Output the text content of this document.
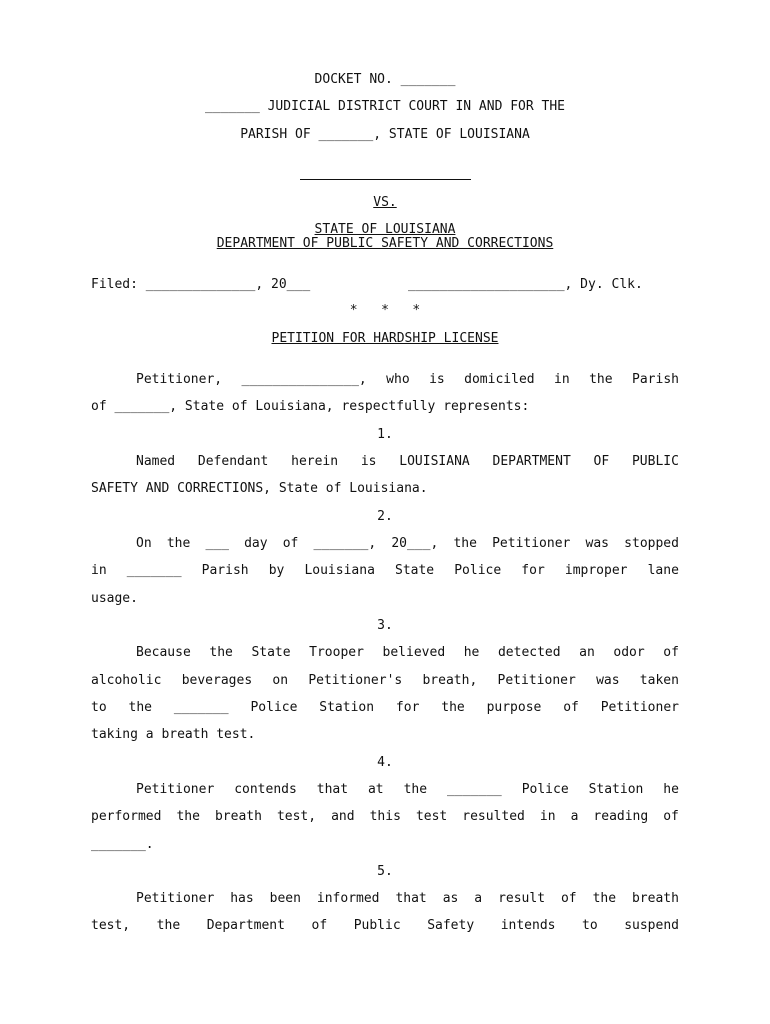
DOCKET NO. _______
_______ JUDICIAL DISTRICT COURT IN AND FOR THE
PARISH OF _______, STATE OF LOUISIANA
VS.
STATE OF LOUISIANA
DEPARTMENT OF PUBLIC SAFETY AND CORRECTIONS
Filed: ______________, 20___	____________________, Dy. Clk.
*   *   *
PETITION FOR HARDSHIP LICENSE
Petitioner, _______________, who is domiciled in the Parish
of _______, State of Louisiana, respectfully represents:
1.
Named Defendant herein is LOUISIANA DEPARTMENT OF PUBLIC
SAFETY AND CORRECTIONS, State of Louisiana.
2.
On the ___ day of _______, 20___, the Petitioner was stopped
in _______ Parish by Louisiana State Police for improper lane
usage.
3.
Because the State Trooper believed he detected an odor of
alcoholic beverages on Petitioner's breath, Petitioner was taken
to the _______ Police Station for the purpose of Petitioner
taking a breath test.
4.
Petitioner contends that at the _______ Police Station he
performed the breath test, and this test resulted in a reading of
_______.
5.
Petitioner has been informed that as a result of the breath
test, the Department of Public Safety intends to suspend
